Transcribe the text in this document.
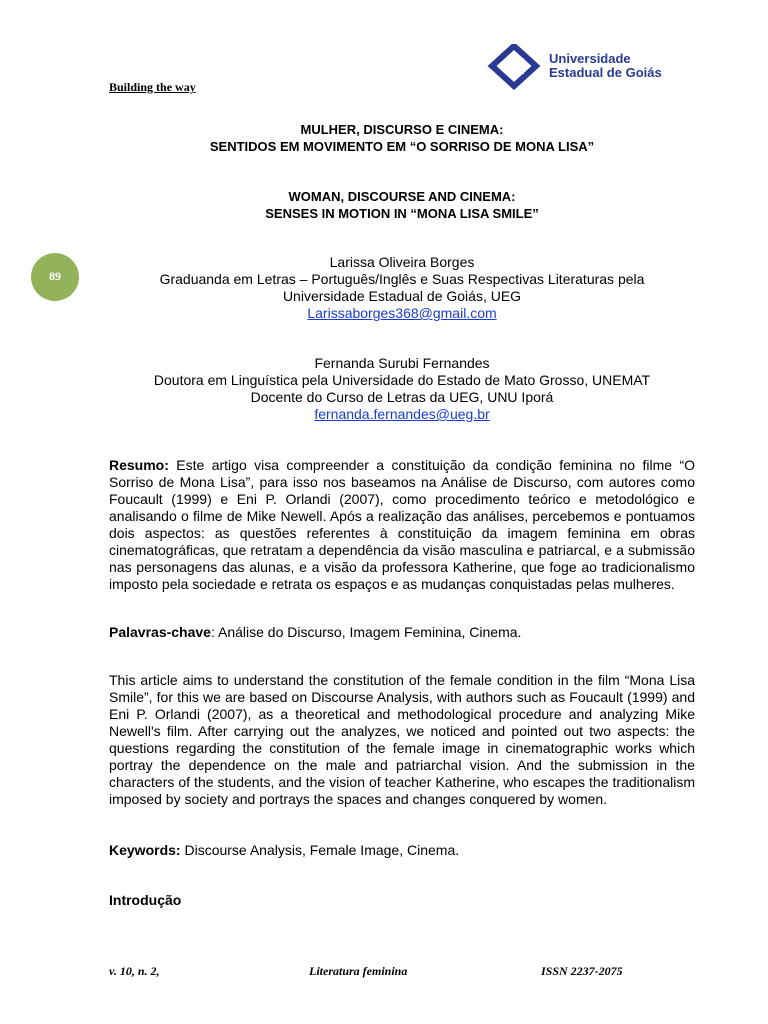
Building the way
Universidade
Estadual de Goiás
MULHER, DISCURSO E CINEMA:
SENTIDOS EM MOVIMENTO EM “O SORRISO DE MONA LISA”
WOMAN, DISCOURSE AND CINEMA:
SENSES IN MOTION IN “MONA LISA SMILE”
89
Larissa Oliveira Borges
Graduanda em Letras – Português/Inglês e Suas Respectivas Literaturas pela
Universidade Estadual de Goiás, UEG
Larissaborges368@gmail.com
Fernanda Surubi Fernandes
Doutora em Linguística pela Universidade do Estado de Mato Grosso, UNEMAT
Docente do Curso de Letras da UEG, UNU Iporá
fernanda.fernandes@ueg.br
Resumo: Este artigo visa compreender a constituição da condição feminina no filme “O Sorriso de Mona Lisa”, para isso nos baseamos na Análise de Discurso, com autores como Foucault (1999) e Eni P. Orlandi (2007), como procedimento teórico e metodológico e analisando o filme de Mike Newell. Após a realização das análises, percebemos e pontuamos dois aspectos: as questões referentes à constituição da imagem feminina em obras cinematográficas, que retratam a dependência da visão masculina e patriarcal, e a submissão nas personagens das alunas, e a visão da professora Katherine, que foge ao tradicionalismo imposto pela sociedade e retrata os espaços e as mudanças conquistadas pelas mulheres.
Palavras-chave: Análise do Discurso, Imagem Feminina, Cinema.
This article aims to understand the constitution of the female condition in the film “Mona Lisa Smile”, for this we are based on Discourse Analysis, with authors such as Foucault (1999) and Eni P. Orlandi (2007), as a theoretical and methodological procedure and analyzing Mike Newell's film. After carrying out the analyzes, we noticed and pointed out two aspects: the questions regarding the constitution of the female image in cinematographic works which portray the dependence on the male and patriarchal vision. And the submission in the characters of the students, and the vision of teacher Katherine, who escapes the traditionalism imposed by society and portrays the spaces and changes conquered by women.
Keywords: Discourse Analysis, Female Image, Cinema.
Introdução
v. 10, n. 2,	Literatura feminina	ISSN 2237-2075
